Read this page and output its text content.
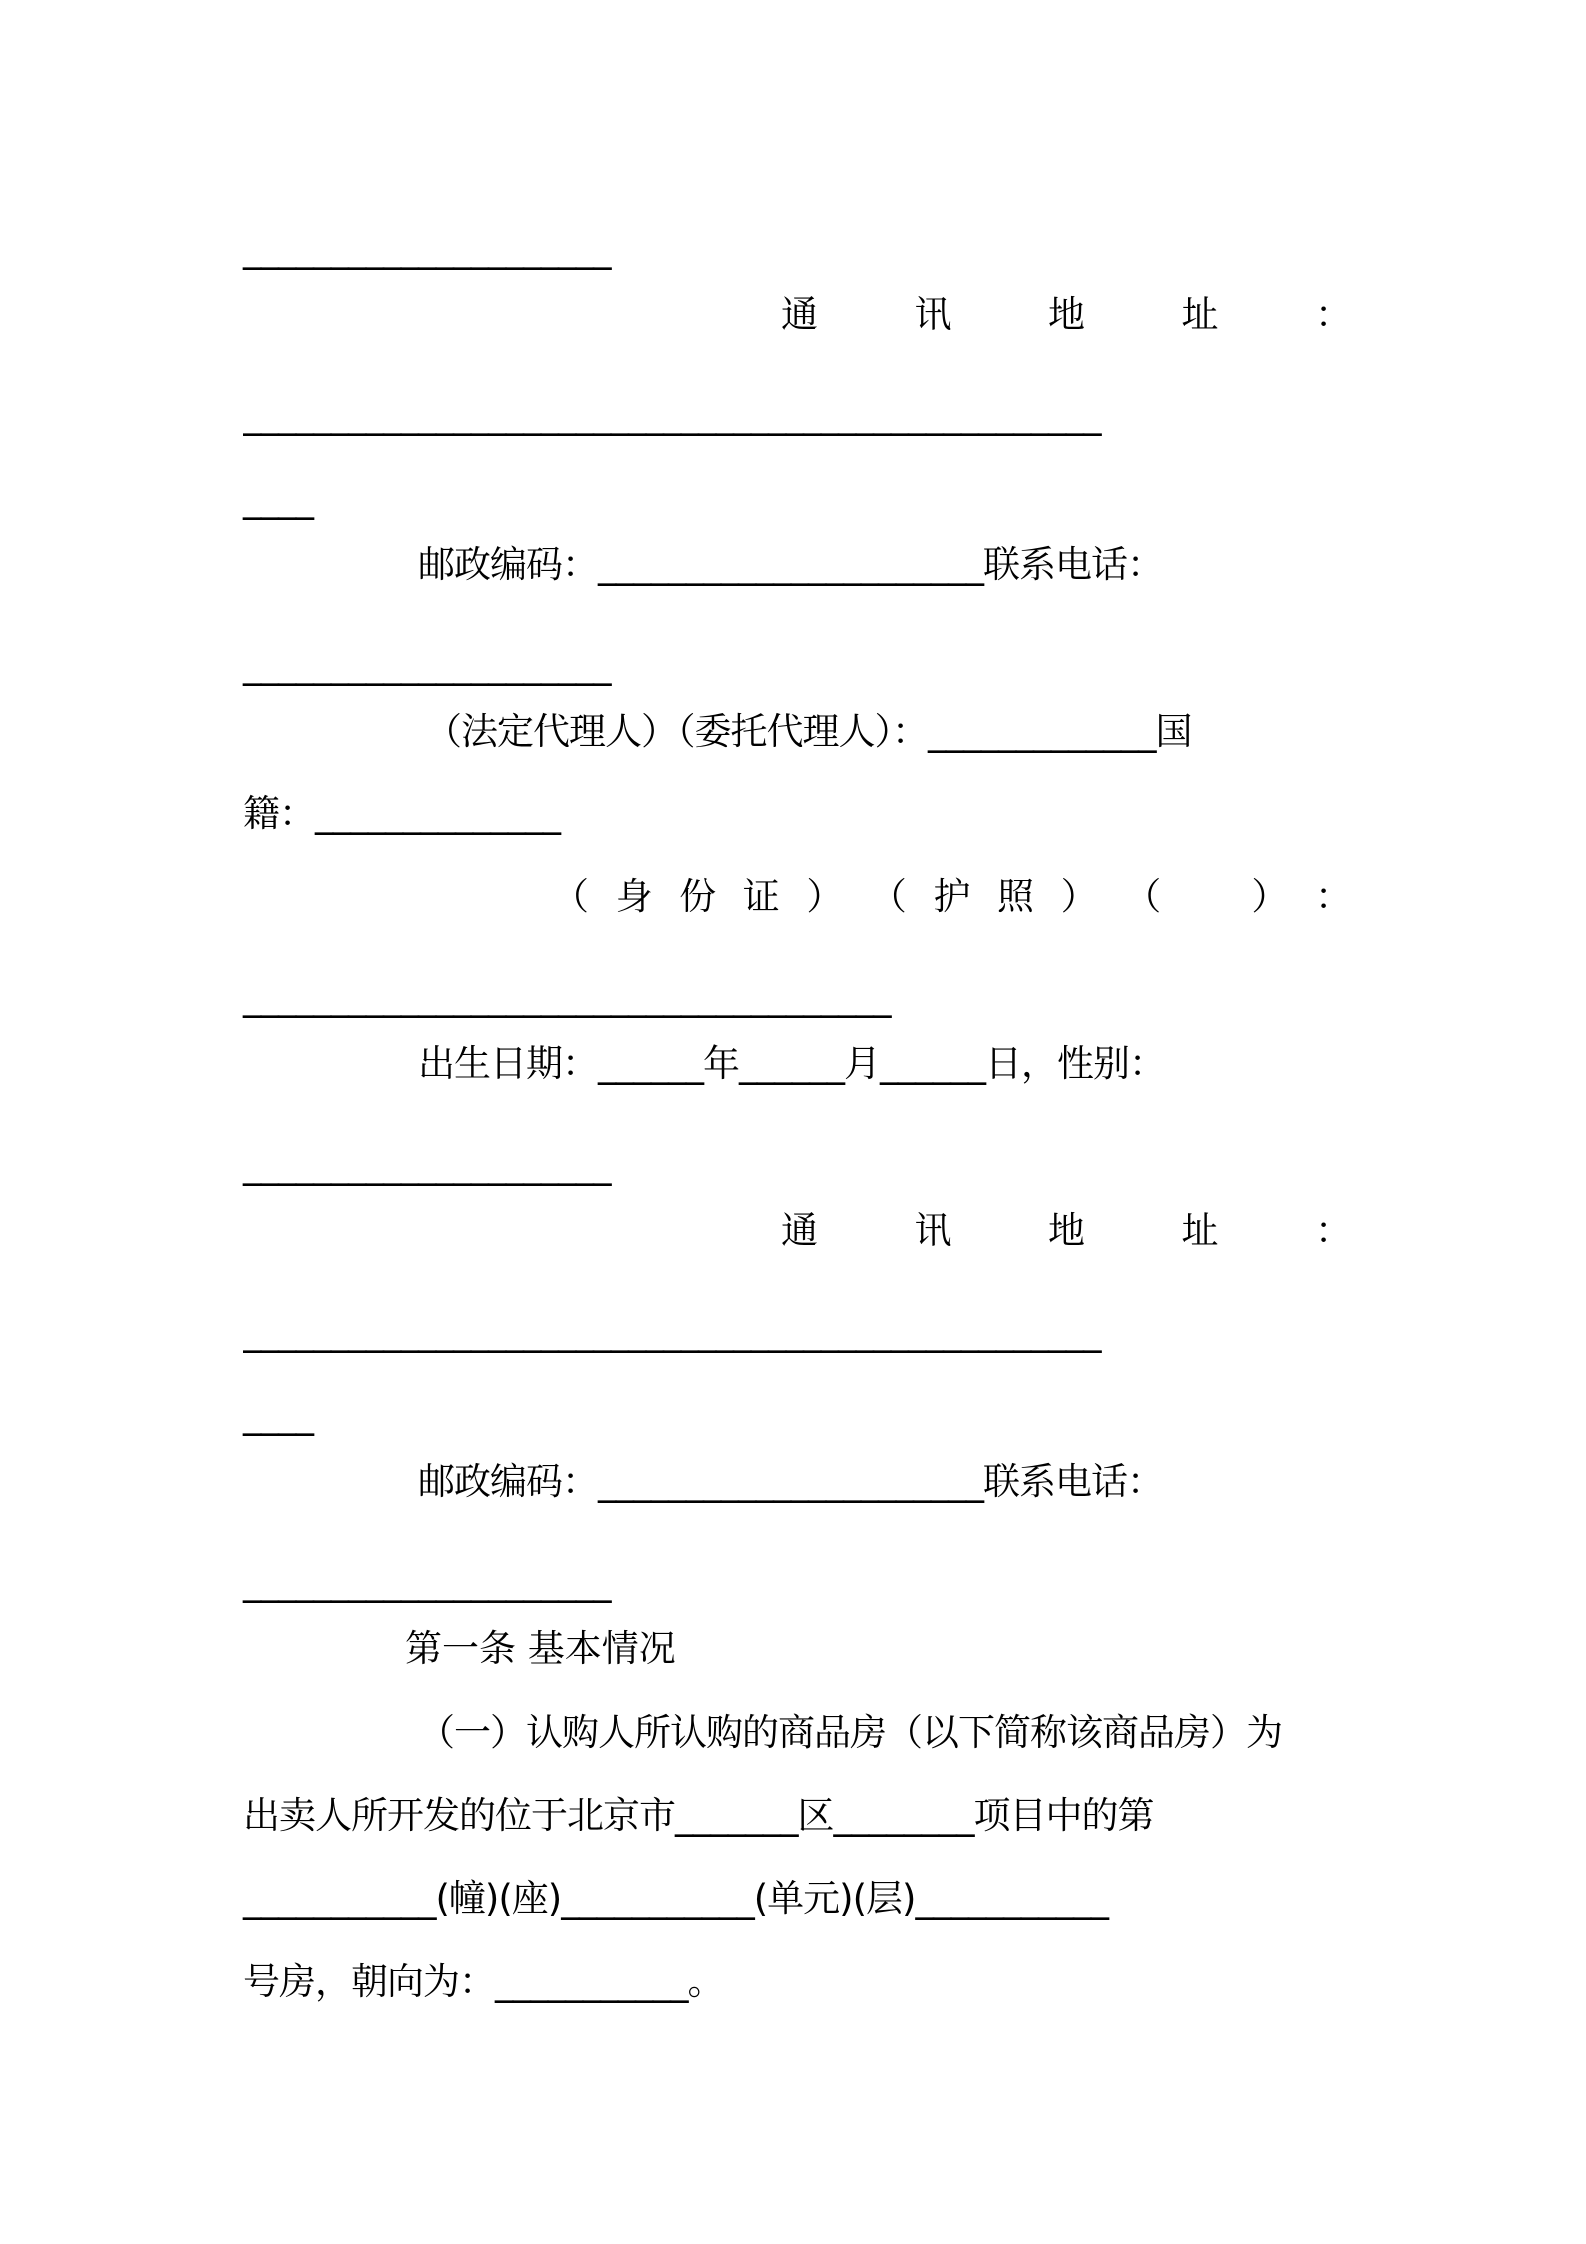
_____________________
通	讯	地	址	：
_________________________________________________
____
邮政编码：______________________联系电话：
_____________________
（法定代理人）（委托代理人）：_____________国
籍：______________
（ 身 份 证 ） （ 护 照 ） （ ） ：
_____________________________________
出生日期：______年______月______日，性别：
_____________________
通	讯	地	址	：
_________________________________________________
____
邮政编码：______________________联系电话：
_____________________
第一条 基本情况
（一）认购人所认购的商品房（以下简称该商品房）为
出卖人所开发的位于北京市_______区________项目中的第
___________(幢)(座)___________(单元)(层)___________
号房，朝向为：___________。
